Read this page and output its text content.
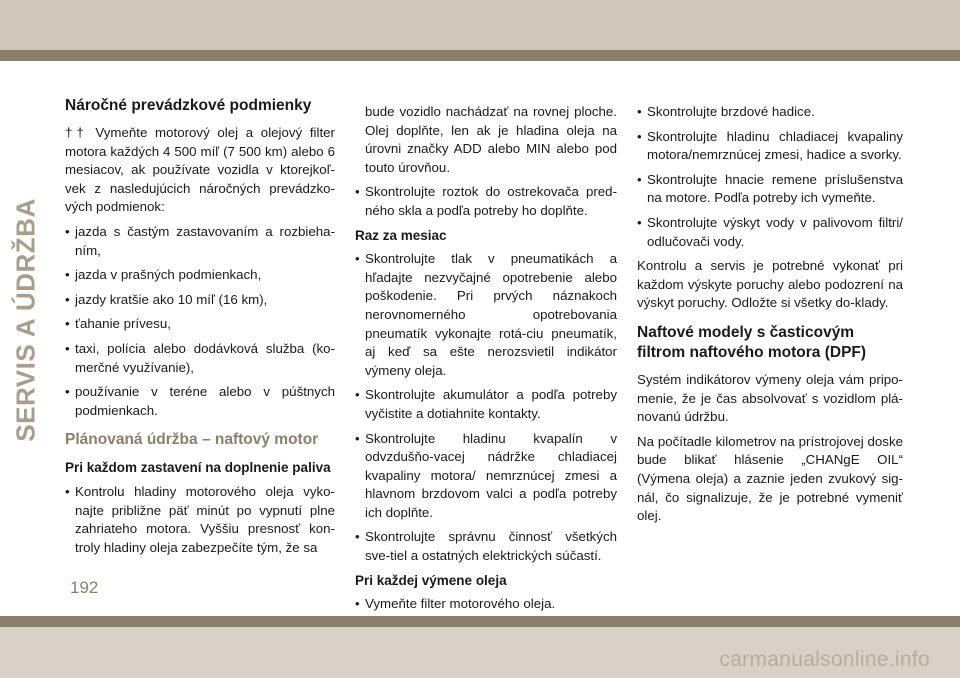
SERVIS A ÚDRŽBA
Náročné prevádzkové podmienky

†† Vymeňte motorový olej a olejový filter motora každých 4 500 míľ (7 500 km) alebo 6 mesiacov, ak používate vozidla v ktorejkoľ-vek z nasledujúcich náročných prevádzko-vých podmienok:

• jazda s častým zastavovaním a rozbieha-ním,
• jazda v prašných podmienkach,
• jazdy kratšie ako 10 míľ (16 km),
• ťahanie prívesu,
• taxi, polícia alebo dodávková služba (ko-merčné využívanie),
• používanie v teréne alebo v púštnych podmienkach.
Plánovaná údržba – naftový motor
Pri každom zastavení na doplnenie paliva
• Kontrolu hladiny motorového oleja vyko-najte približne päť minút po vypnutí plne zahriateho motora. Vyššiu presnosť kon-troly hladiny oleja zabezpečíte tým, že sa

bude vozidlo nachádzať na rovnej ploche. Olej doplňte, len ak je hladina oleja na úrovni značky ADD alebo MIN alebo pod touto úrovňou.

• Skontrolujte roztok do ostrekovača pred-ného skla a podľa potreby ho doplňte.
Raz za mesiac
• Skontrolujte tlak v pneumatikách a hľadajte nezvyčajné opotrebenie alebo poškodenie. Pri prvých náznakoch nerovnomerného opotrebovania pneumatík vykonajte rotá-ciu pneumatík, aj keď sa ešte nerozsvietil indikátor výmeny oleja.
• Skontrolujte akumulátor a podľa potreby vyčistite a dotiahnite kontakty.
• Skontrolujte hladinu kvapalín v odvzdušňo-vacej nádržke chladiacej kvapaliny motora/ nemrznúcej zmesi a hlavnom brzdovom valci a podľa potreby ich doplňte.
• Skontrolujte správnu činnosť všetkých sve-tiel a ostatných elektrických súčastí.
Pri každej výmene oleja
• Vymeňte filter motorového oleja.
• Skontrolujte brzdové hadice.
• Skontrolujte hladinu chladiacej kvapaliny motora/nemrznúcej zmesi, hadice a svorky.
• Skontrolujte hnacie remene príslušenstva na motore. Podľa potreby ich vymeňte.
• Skontrolujte výskyt vody v palivovom filtri/ odlučovači vody.

Kontrolu a servis je potrebné vykonať pri každom výskyte poruchy alebo podozrení na výskyt poruchy. Odložte si všetky do-klady.

Naftové modely s časticovým filtrom naftového motora (DPF)

Systém indikátorov výmeny oleja vám pripo-menie, že je čas absolvovať s vozidlom plá-novanú údržbu.

Na počítadle kilometrov na prístrojovej doske bude blikať hlásenie „CHANgE OIL“ (Výmena oleja) a zaznie jeden zvukový sig-nál, čo signalizuje, že je potrebné vymeniť olej.

192
carmanualsonline.info
